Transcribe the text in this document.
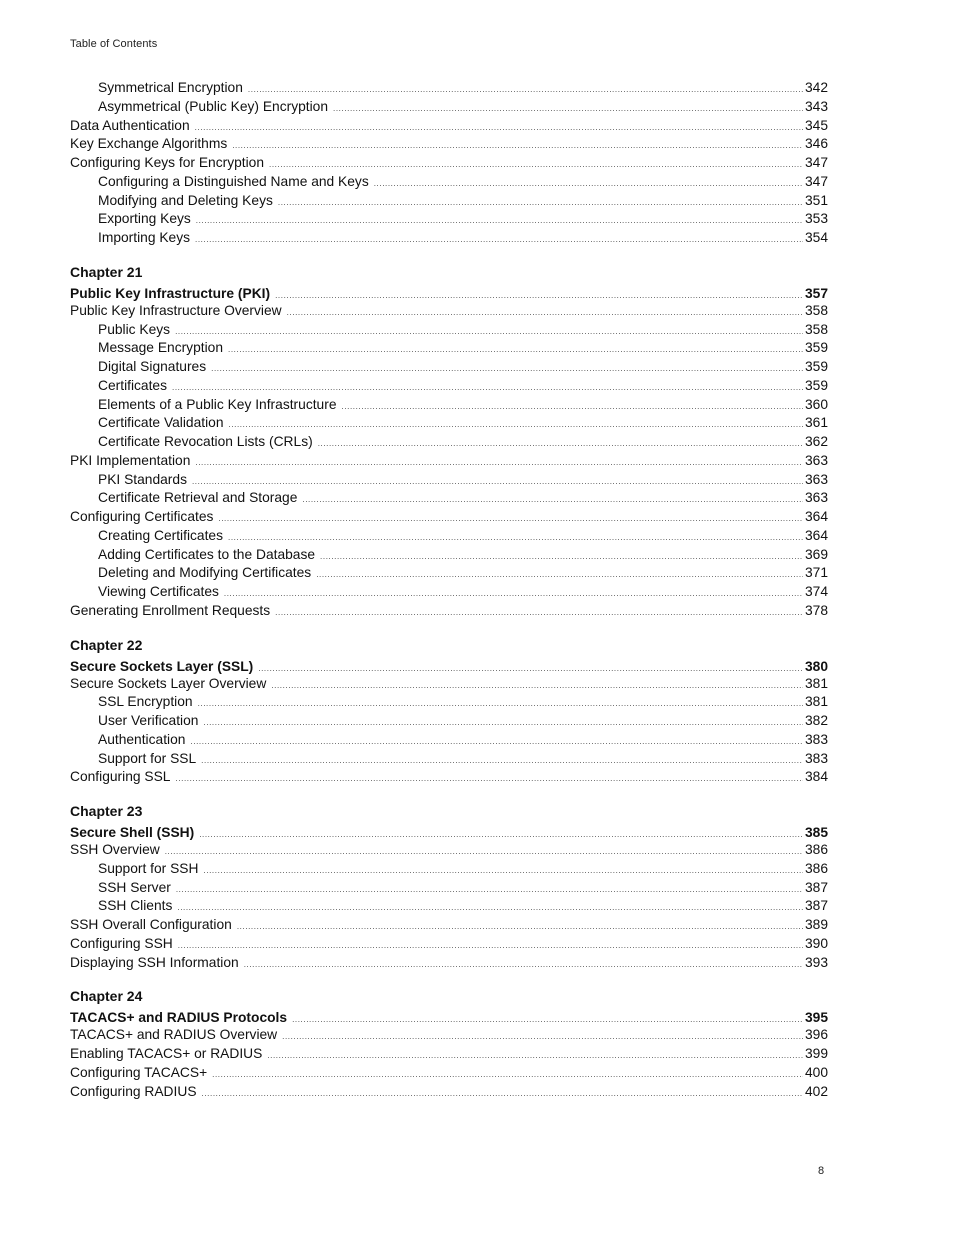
Table of Contents
Symmetrical Encryption .....	342
Asymmetrical (Public Key) Encryption .....	343
Data Authentication .....	345
Key Exchange Algorithms .....	346
Configuring Keys for Encryption .....	347
Configuring a Distinguished Name and Keys .....	347
Modifying and Deleting Keys .....	351
Exporting Keys .....	353
Importing Keys .....	354
Chapter 21
Public Key Infrastructure (PKI) .....	357
Public Key Infrastructure Overview .....	358
Public Keys .....	358
Message Encryption .....	359
Digital Signatures .....	359
Certificates .....	359
Elements of a Public Key Infrastructure .....	360
Certificate Validation .....	361
Certificate Revocation Lists (CRLs) .....	362
PKI Implementation .....	363
PKI Standards .....	363
Certificate Retrieval and Storage .....	363
Configuring Certificates .....	364
Creating Certificates .....	364
Adding Certificates to the Database .....	369
Deleting and Modifying Certificates .....	371
Viewing Certificates .....	374
Generating Enrollment Requests .....	378
Chapter 22
Secure Sockets Layer (SSL) .....	380
Secure Sockets Layer Overview .....	381
SSL Encryption .....	381
User Verification .....	382
Authentication .....	383
Support for SSL .....	383
Configuring SSL .....	384
Chapter 23
Secure Shell (SSH) .....	385
SSH Overview .....	386
Support for SSH .....	386
SSH Server .....	387
SSH Clients .....	387
SSH Overall Configuration .....	389
Configuring SSH .....	390
Displaying SSH Information .....	393
Chapter 24
TACACS+ and RADIUS Protocols .....	395
TACACS+ and RADIUS Overview .....	396
Enabling TACACS+ or RADIUS .....	399
Configuring TACACS+ .....	400
Configuring RADIUS .....	402
8
